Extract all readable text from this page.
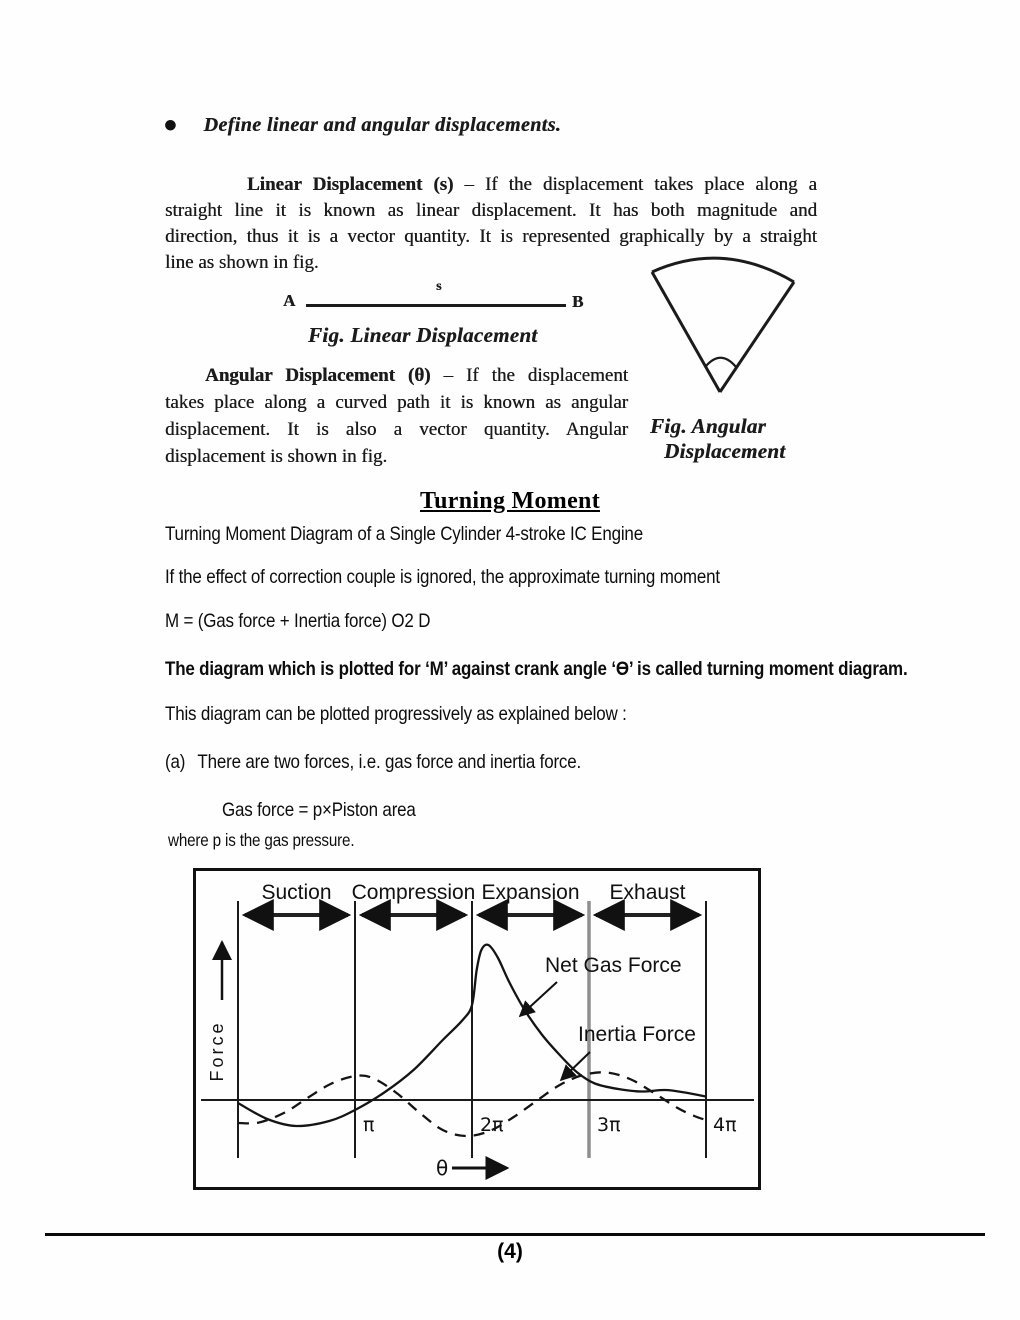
● Define linear and angular displacements.
Linear Displacement (s) – If the displacement takes place along a
straight line it is known as linear displacement. It has both magnitude and
direction, thus it is a vector quantity. It is represented graphically by a straight
line as shown in fig.
A
s
B
Fig. Linear Displacement
Angular Displacement (θ) – If the displacement
takes place along a curved path it is known as angular
displacement. It is also a vector quantity. Angular
displacement is shown in fig.
Fig. Angular
Displacement
Turning Moment
Turning Moment Diagram of a Single Cylinder 4-stroke IC Engine
If the effect of correction couple is ignored, the approximate turning moment
M = (Gas force + Inertia force) O2 D
The diagram which is plotted for ‘M’ against crank angle ‘Ɵ’ is called turning moment diagram.
This diagram can be plotted progressively as explained below :
(a) There are two forces, i.e. gas force and inertia force.
Gas force = p×Piston area
where p is the gas pressure.
Suction Compression Expansion Exhaust
π	2π	3π	4π
Force
θ
Net Gas Force
Inertia Force
(4)
